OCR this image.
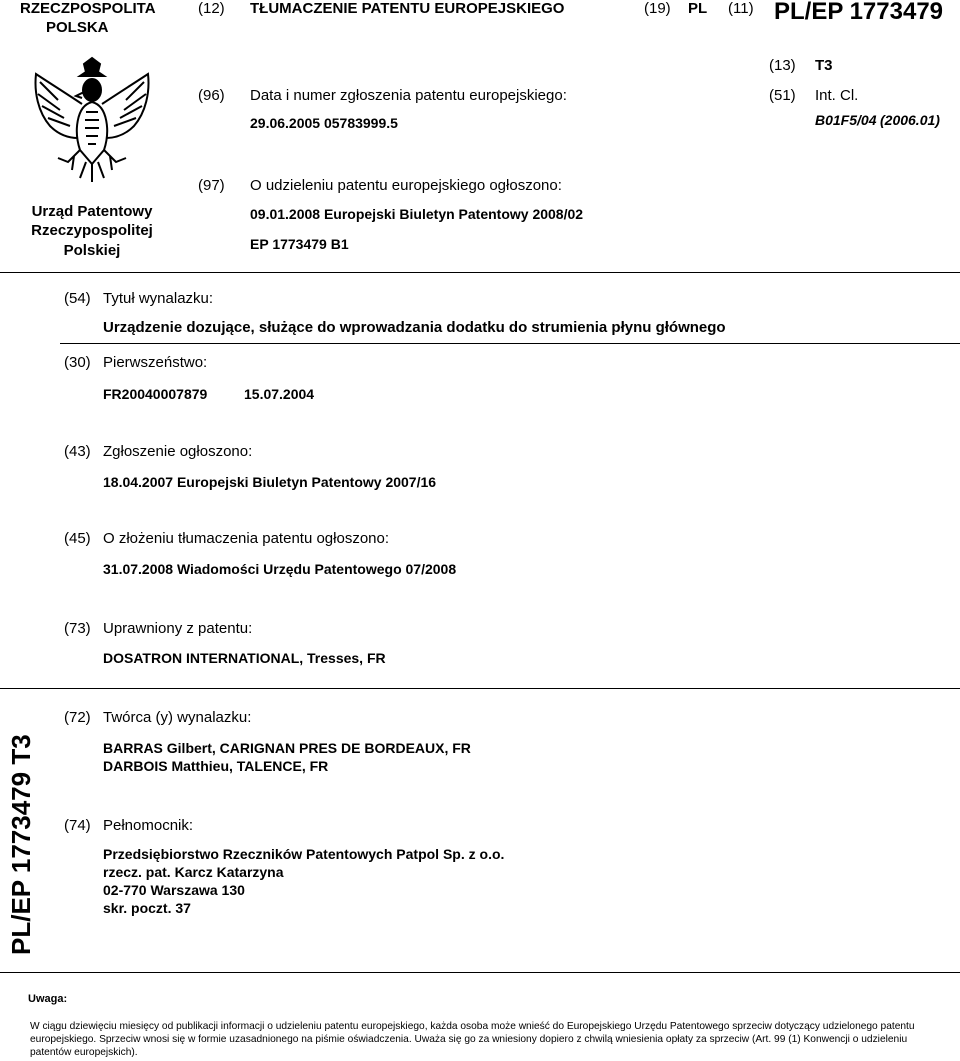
RZECZPOSPOLITA
POLSKA
(12) TŁUMACZENIE PATENTU EUROPEJSKIEGO	(19) PL (11) PL/EP 1773479
(13) T3
(96) Data i numer zgłoszenia patentu europejskiego:	(51) Int. Cl.
29.06.2005 05783999.5	B01F5/04 (2006.01)
(97) O udzieleniu patentu europejskiego ogłoszono:
Urząd Patentowy
Rzeczypospolitej
Polskiej
09.01.2008 Europejski Biuletyn Patentowy 2008/02
EP 1773479 B1
(54) Tytuł wynalazku:
Urządzenie dozujące, służące do wprowadzania dodatku do strumienia płynu głównego
(30) Pierwszeństwo:
FR20040007879	15.07.2004
(43) Zgłoszenie ogłoszono:
18.04.2007 Europejski Biuletyn Patentowy 2007/16
(45) O złożeniu tłumaczenia patentu ogłoszono:
31.07.2008 Wiadomości Urzędu Patentowego 07/2008
(73) Uprawniony z patentu:
DOSATRON INTERNATIONAL, Tresses, FR
PL/EP 1773479 T3
(72) Twórca (y) wynalazku:
BARRAS Gilbert, CARIGNAN PRES DE BORDEAUX, FR
DARBOIS Matthieu, TALENCE, FR
(74) Pełnomocnik:
Przedsiębiorstwo Rzeczników Patentowych Patpol Sp. z o.o.
rzecz. pat. Karcz Katarzyna
02-770 Warszawa 130
skr. poczt. 37
Uwaga:
W ciągu dziewięciu miesięcy od publikacji informacji o udzieleniu patentu europejskiego, każda osoba może wnieść do Europejskiego Urzędu Patentowego sprzeciw dotyczący udzielonego patentu europejskiego. Sprzeciw wnosi się w formie uzasadnionego na piśmie oświadczenia. Uważa się go za wniesiony dopiero z chwilą wniesienia opłaty za sprzeciw (Art. 99 (1) Konwencji o udzieleniu patentów europejskich).
